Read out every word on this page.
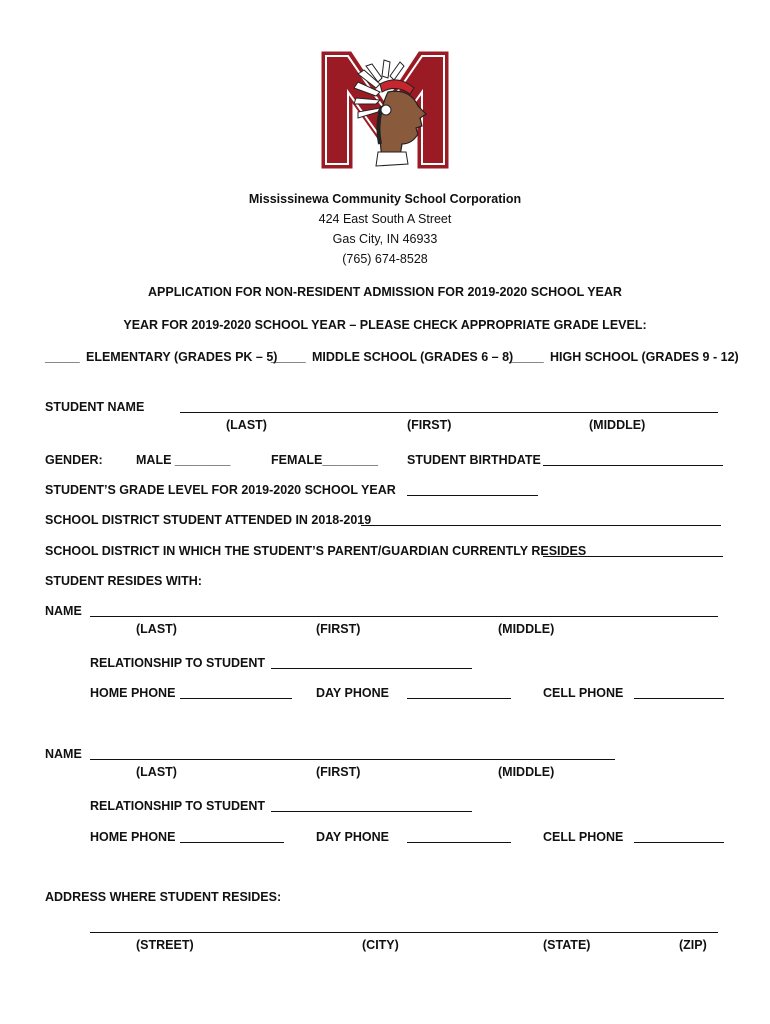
Mississinewa Community School Corporation
424 East South A Street
Gas City, IN 46933
(765) 674-8528
APPLICATION FOR NON-RESIDENT ADMISSION FOR 2019-2020 SCHOOL YEAR
YEAR FOR 2019-2020 SCHOOL YEAR – PLEASE CHECK APPROPRIATE GRADE LEVEL:
_____ ELEMENTARY (GRADES PK – 5)
_____ MIDDLE SCHOOL (GRADES 6 – 8)
_____ HIGH SCHOOL (GRADES 9 - 12)
STUDENT NAME
(LAST)	(FIRST)	(MIDDLE)
GENDER:	MALE ________	FEMALE________ STUDENT BIRTHDATE
STUDENT’S GRADE LEVEL FOR 2019-2020 SCHOOL YEAR
SCHOOL DISTRICT STUDENT ATTENDED IN 2018-2019
SCHOOL DISTRICT IN WHICH THE STUDENT’S PARENT/GUARDIAN CURRENTLY RESIDES
STUDENT RESIDES WITH:
NAME
(LAST)	(FIRST)	(MIDDLE)
RELATIONSHIP TO STUDENT
HOME PHONE	DAY PHONE	CELL PHONE
NAME
(LAST)	(FIRST)	(MIDDLE)
RELATIONSHIP TO STUDENT
HOME PHONE	DAY PHONE	CELL PHONE
ADDRESS WHERE STUDENT RESIDES:
(STREET)	(CITY)	(STATE)	(ZIP)
